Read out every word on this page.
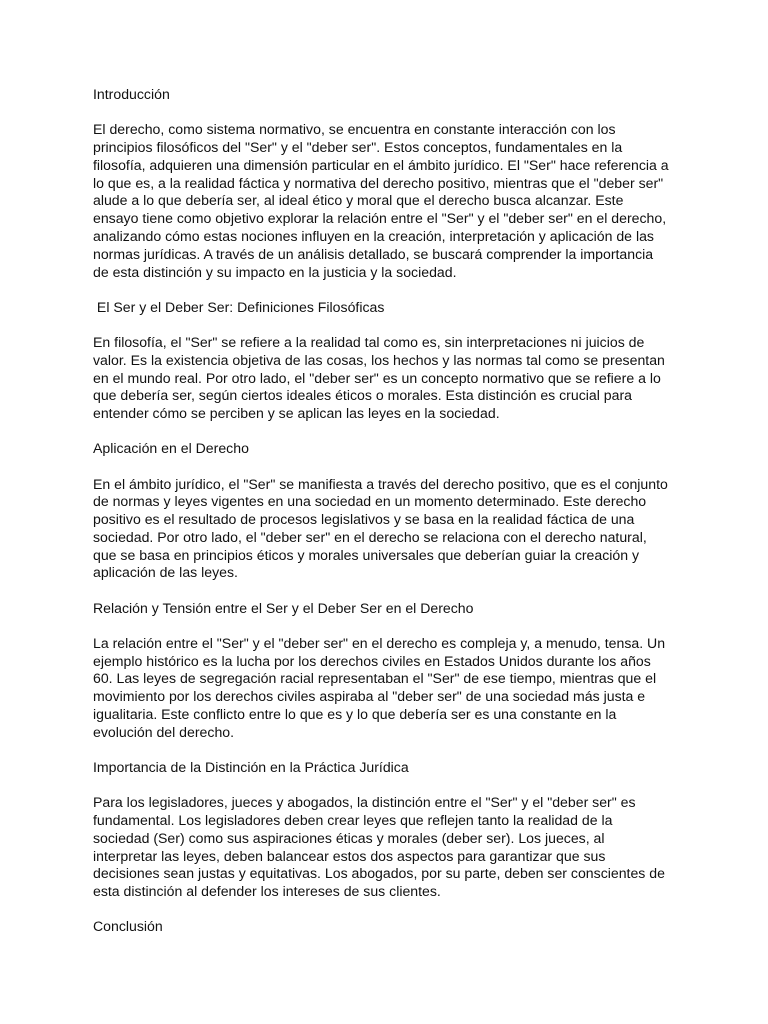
Introducción
El derecho, como sistema normativo, se encuentra en constante interacción con los
principios filosóficos del "Ser" y el "deber ser". Estos conceptos, fundamentales en la
filosofía, adquieren una dimensión particular en el ámbito jurídico. El "Ser" hace referencia a
lo que es, a la realidad fáctica y normativa del derecho positivo, mientras que el "deber ser"
alude a lo que debería ser, al ideal ético y moral que el derecho busca alcanzar. Este
ensayo tiene como objetivo explorar la relación entre el "Ser" y el "deber ser" en el derecho,
analizando cómo estas nociones influyen en la creación, interpretación y aplicación de las
normas jurídicas. A través de un análisis detallado, se buscará comprender la importancia
de esta distinción y su impacto en la justicia y la sociedad.
El Ser y el Deber Ser: Definiciones Filosóficas
En filosofía, el "Ser" se refiere a la realidad tal como es, sin interpretaciones ni juicios de
valor. Es la existencia objetiva de las cosas, los hechos y las normas tal como se presentan
en el mundo real. Por otro lado, el "deber ser" es un concepto normativo que se refiere a lo
que debería ser, según ciertos ideales éticos o morales. Esta distinción es crucial para
entender cómo se perciben y se aplican las leyes en la sociedad.
Aplicación en el Derecho
En el ámbito jurídico, el "Ser" se manifiesta a través del derecho positivo, que es el conjunto
de normas y leyes vigentes en una sociedad en un momento determinado. Este derecho
positivo es el resultado de procesos legislativos y se basa en la realidad fáctica de una
sociedad. Por otro lado, el "deber ser" en el derecho se relaciona con el derecho natural,
que se basa en principios éticos y morales universales que deberían guiar la creación y
aplicación de las leyes.
Relación y Tensión entre el Ser y el Deber Ser en el Derecho
La relación entre el "Ser" y el "deber ser" en el derecho es compleja y, a menudo, tensa. Un
ejemplo histórico es la lucha por los derechos civiles en Estados Unidos durante los años
60. Las leyes de segregación racial representaban el "Ser" de ese tiempo, mientras que el
movimiento por los derechos civiles aspiraba al "deber ser" de una sociedad más justa e
igualitaria. Este conflicto entre lo que es y lo que debería ser es una constante en la
evolución del derecho.
Importancia de la Distinción en la Práctica Jurídica
Para los legisladores, jueces y abogados, la distinción entre el "Ser" y el "deber ser" es
fundamental. Los legisladores deben crear leyes que reflejen tanto la realidad de la
sociedad (Ser) como sus aspiraciones éticas y morales (deber ser). Los jueces, al
interpretar las leyes, deben balancear estos dos aspectos para garantizar que sus
decisiones sean justas y equitativas. Los abogados, por su parte, deben ser conscientes de
esta distinción al defender los intereses de sus clientes.
Conclusión
